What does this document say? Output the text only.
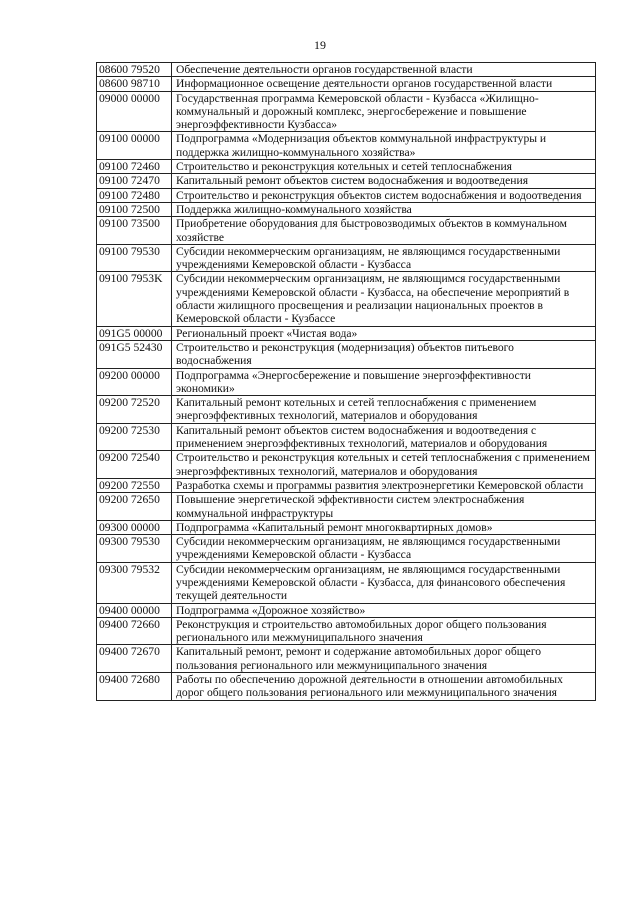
19
08600 79520	Обеспечение деятельности органов государственной власти
08600 98710	Информационное освещение деятельности органов государственной власти
09000 00000	Государственная программа Кемеровской области - Кузбасса «Жилищно-коммунальный и дорожный комплекс, энергосбережение и повышение энергоэффективности Кузбасса»
09100 00000	Подпрограмма «Модернизация объектов коммунальной инфраструктуры и поддержка жилищно-коммунального хозяйства»
09100 72460	Строительство и реконструкция котельных и сетей теплоснабжения
09100 72470	Капитальный ремонт объектов систем водоснабжения и водоотведения
09100 72480	Строительство и реконструкция объектов систем водоснабжения и водоотведения
09100 72500	Поддержка жилищно-коммунального хозяйства
09100 73500	Приобретение оборудования для быстровозводимых объектов в коммунальном хозяйстве
09100 79530	Субсидии некоммерческим организациям, не являющимся государственными учреждениями Кемеровской области - Кузбасса
09100 7953K	Субсидии некоммерческим организациям, не являющимся государственными учреждениями Кемеровской области - Кузбасса, на обеспечение мероприятий в области жилищного просвещения и реализации национальных проектов в Кемеровской области - Кузбассе
091G5 00000	Региональный проект «Чистая вода»
091G5 52430	Строительство и реконструкция (модернизация) объектов питьевого водоснабжения
09200 00000	Подпрограмма «Энергосбережение и повышение энергоэффективности экономики»
09200 72520	Капитальный ремонт котельных и сетей теплоснабжения с применением энергоэффективных технологий, материалов и оборудования
09200 72530	Капитальный ремонт объектов систем водоснабжения и водоотведения с применением энергоэффективных технологий, материалов и оборудования
09200 72540	Строительство и реконструкция котельных и сетей теплоснабжения с применением энергоэффективных технологий, материалов и оборудования
09200 72550	Разработка схемы и программы развития электроэнергетики Кемеровской области
09200 72650	Повышение энергетической эффективности систем электроснабжения коммунальной инфраструктуры
09300 00000	Подпрограмма «Капитальный ремонт многоквартирных домов»
09300 79530	Субсидии некоммерческим организациям, не являющимся государственными учреждениями Кемеровской области - Кузбасса
09300 79532	Субсидии некоммерческим организациям, не являющимся государственными учреждениями Кемеровской области - Кузбасса, для финансового обеспечения текущей деятельности
09400 00000	Подпрограмма «Дорожное хозяйство»
09400 72660	Реконструкция и строительство автомобильных дорог общего пользования регионального или межмуниципального значения
09400 72670	Капитальный ремонт, ремонт и содержание автомобильных дорог общего пользования регионального или межмуниципального значения
09400 72680	Работы по обеспечению дорожной деятельности в отношении автомобильных дорог общего пользования регионального или межмуниципального значения
